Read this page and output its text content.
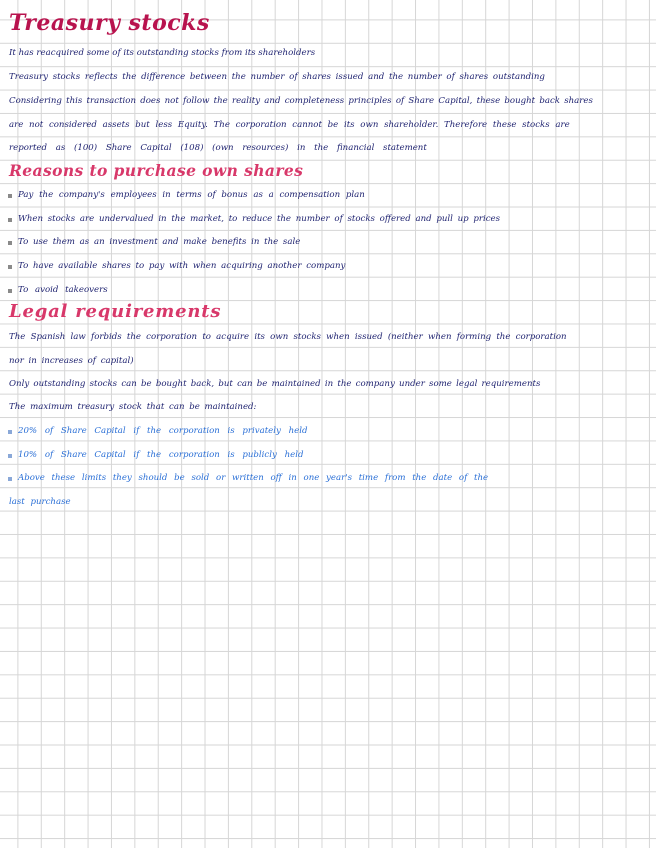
Treasury stocks

It has reacquired some of its outstanding stocks from its shareholders

Treasury stocks reflects the difference between the number of shares issued and the number of shares outstanding

Considering this transaction does not follow the reality and completeness principles of Share Capital, these bought back shares

are not considered assets but less Equity. The corporation cannot be its own shareholder. Therefore these stocks are

reported as (100) Share Capital (108) (own resources) in the financial statement

Reasons to purchase own shares
Pay the company's employees in terms of bonus as a compensation plan
When stocks are undervalued in the market, to reduce the number of stocks offered and pull up prices
To use them as an investment and make benefits in the sale
To have available shares to pay with when acquiring another company
To avoid takeovers
Legal requirements

The Spanish law forbids the corporation to acquire its own stocks when issued (neither when forming the corporation

nor in increases of capital)

Only outstanding stocks can be bought back, but can be maintained in the company under some legal requirements

The maximum treasury stock that can be maintained:

20% of Share Capital if the corporation is privately held
10% of Share Capital if the corporation is publicly held
Above these limits they should be sold or written off in one year's time from the date of the

last purchase
